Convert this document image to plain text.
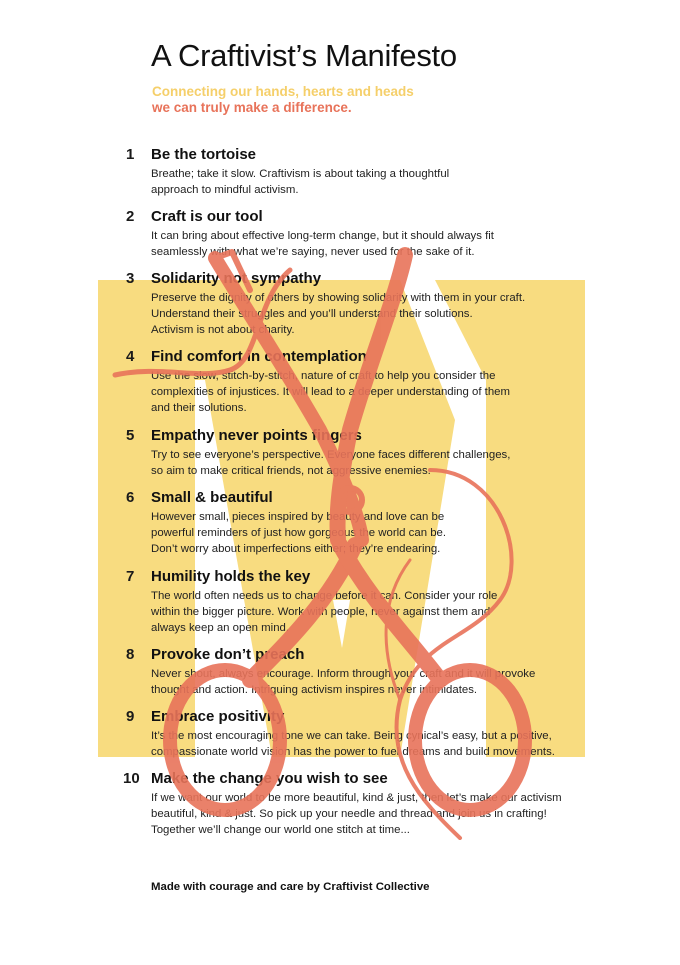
A Craftivist’s Manifesto
Connecting our hands, hearts and heads
we can truly make a difference.
1 Be the tortoise
Breathe; take it slow. Craftivism is about taking a thoughtful
approach to mindful activism.
2 Craft is our tool
It can bring about effective long-term change, but it should always fit
seamlessly with what we’re saying, never used for the sake of it.
3 Solidarity not sympathy
Preserve the dignity of others by showing solidarity with them in your craft.
Understand their struggles and you’ll understand their solutions.
Activism is not about charity.
4 Find comfort in contemplation
Use the slow, stitch-by-stitch, nature of craft to help you consider the
complexities of injustices. It will lead to a deeper understanding of them
and their solutions.
5 Empathy never points fingers
Try to see everyone’s perspective. Everyone faces different challenges,
so aim to make critical friends, not aggressive enemies.
6 Small & beautiful
However small, pieces inspired by beauty and love can be
powerful reminders of just how gorgeous the world can be.
Don’t worry about imperfections either; they’re endearing.
7 Humility holds the key
The world often needs us to change before it can. Consider your role
within the bigger picture. Work with people, never against them and
always keep an open mind.
8 Provoke don’t preach
Never shout, always encourage. Inform through your craft and it will provoke
thought and action. Intriguing activism inspires never intimidates.
9 Embrace positivity
It’s the most encouraging tone we can take. Being cynical’s easy, but a positive,
compassionate world vision has the power to fuel dreams and build movements.
10 Make the change you wish to see
If we want our world to be more beautiful, kind & just, then let’s make our activism
beautiful, kind & just. So pick up your needle and thread and join us in crafting!
Together we’ll change our world one stitch at time...
Made with courage and care by Craftivist Collective
